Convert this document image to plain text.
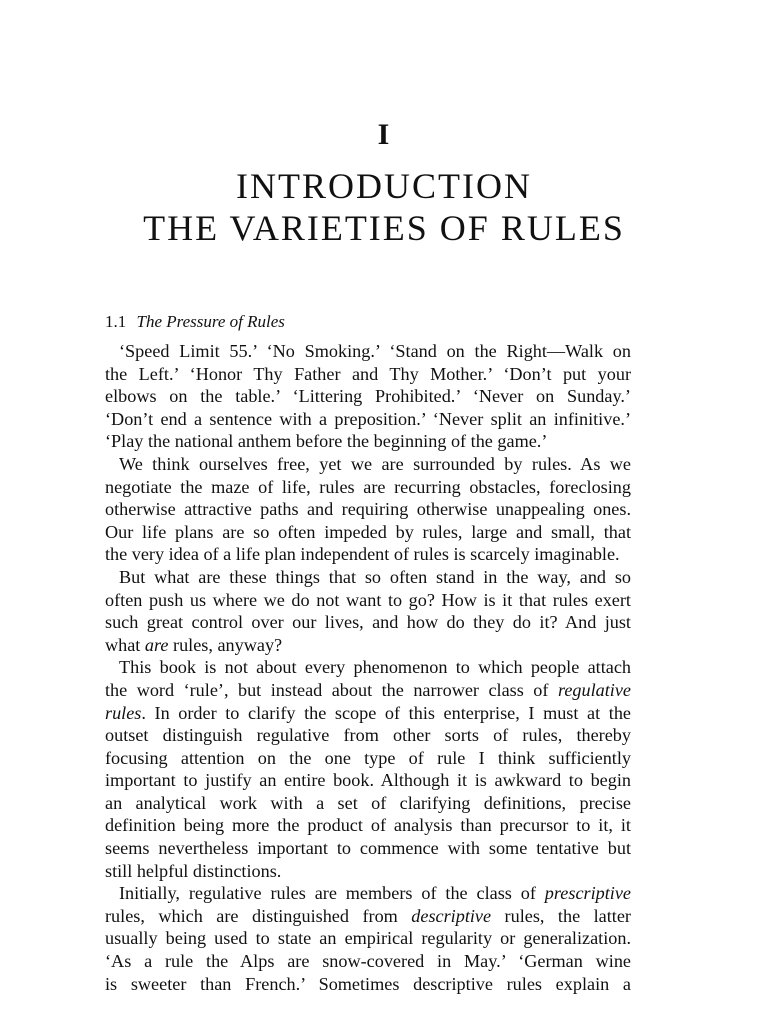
I
INTRODUCTION
THE VARIETIES OF RULES
1.1 The Pressure of Rules
‘Speed Limit 55.’ ‘No Smoking.’ ‘Stand on the Right—Walk on
the Left.’ ‘Honor Thy Father and Thy Mother.’ ‘Don’t put your
elbows on the table.’ ‘Littering Prohibited.’ ‘Never on Sunday.’
‘Don’t end a sentence with a preposition.’ ‘Never split an infinitive.’
‘Play the national anthem before the beginning of the game.’
We think ourselves free, yet we are surrounded by rules. As we
negotiate the maze of life, rules are recurring obstacles, foreclosing
otherwise attractive paths and requiring otherwise unappealing ones.
Our life plans are so often impeded by rules, large and small, that
the very idea of a life plan independent of rules is scarcely imaginable.
But what are these things that so often stand in the way, and so
often push us where we do not want to go? How is it that rules exert
such great control over our lives, and how do they do it? And just
what are rules, anyway?
This book is not about every phenomenon to which people attach
the word ‘rule’, but instead about the narrower class of regulative
rules. In order to clarify the scope of this enterprise, I must at the
outset distinguish regulative from other sorts of rules, thereby
focusing attention on the one type of rule I think sufficiently
important to justify an entire book. Although it is awkward to begin
an analytical work with a set of clarifying definitions, precise
definition being more the product of analysis than precursor to it, it
seems nevertheless important to commence with some tentative but
still helpful distinctions.
Initially, regulative rules are members of the class of prescriptive
rules, which are distinguished from descriptive rules, the latter
usually being used to state an empirical regularity or generalization.
‘As a rule the Alps are snow-covered in May.’ ‘German wine
is sweeter than French.’ Sometimes descriptive rules explain a
